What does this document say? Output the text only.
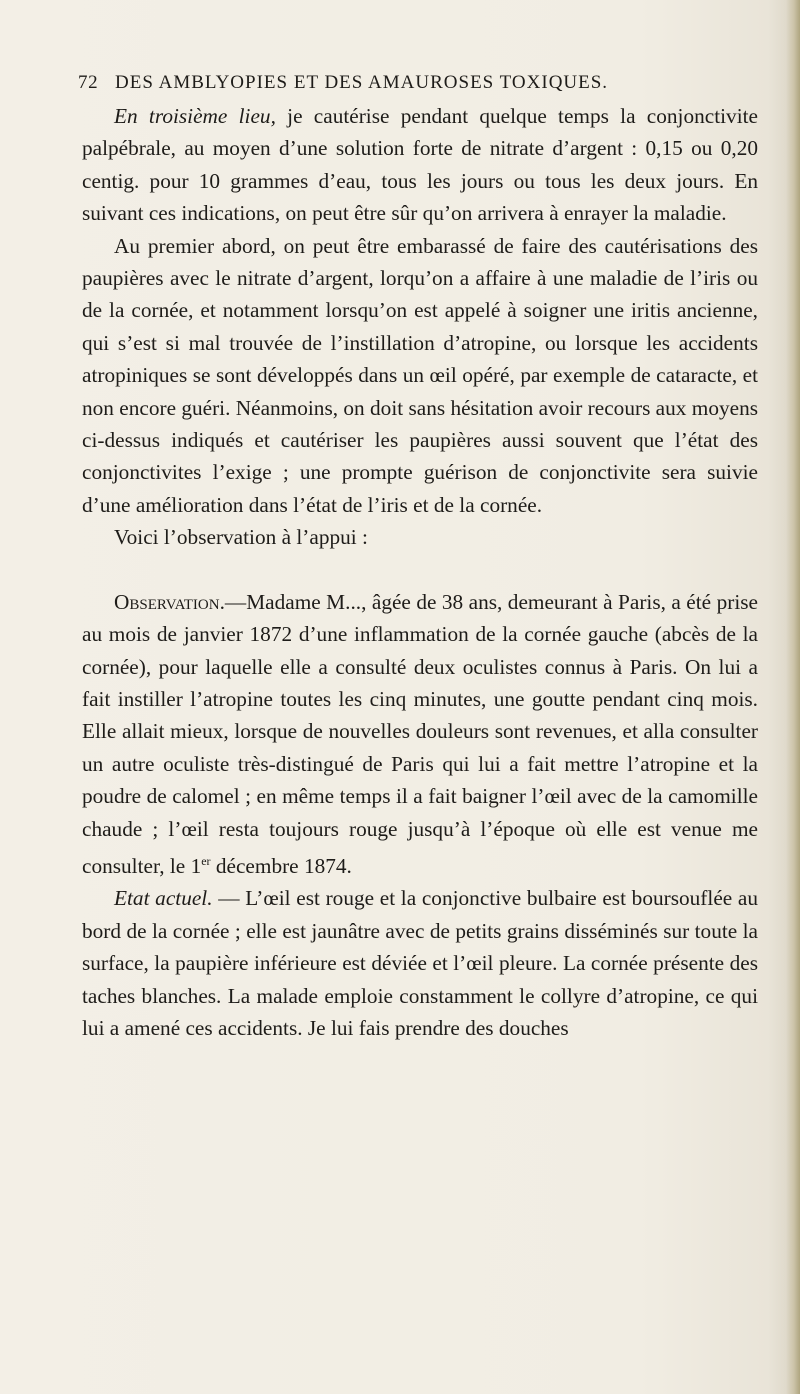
72 DES AMBLYOPIES ET DES AMAUROSES TOXIQUES.

En troisième lieu, je cautérise pendant quelque temps la conjonctivite palpébrale, au moyen d’une solution forte de nitrate d’argent : 0,15 ou 0,20 centig. pour 10 grammes d’eau, tous les jours ou tous les deux jours. En suivant ces indications, on peut être sûr qu’on arrivera à enrayer la maladie.

Au premier abord, on peut être embarassé de faire des cautérisations des paupières avec le nitrate d’argent, lorqu’on a affaire à une maladie de l’iris ou de la cornée, et notamment lorsqu’on est appelé à soigner une iritis ancienne, qui s’est si mal trouvée de l’instillation d’atropine, ou lorsque les accidents atropiniques se sont développés dans un œil opéré, par exemple de cataracte, et non encore guéri. Néanmoins, on doit sans hésitation avoir recours aux moyens ci-dessus indiqués et cautériser les paupières aussi souvent que l’état des conjonctivites l’exige ; une prompte guérison de conjonctivite sera suivie d’une amélioration dans l’état de l’iris et de la cornée.

Voici l’observation à l’appui :

Observation.—Madame M..., âgée de 38 ans, demeurant à Paris, a été prise au mois de janvier 1872 d’une inflammation de la cornée gauche (abcès de la cornée), pour laquelle elle a consulté deux oculistes connus à Paris. On lui a fait instiller l’atropine toutes les cinq minutes, une goutte pendant cinq mois. Elle allait mieux, lorsque de nouvelles douleurs sont revenues, et alla consulter un autre oculiste très-distingué de Paris qui lui a fait mettre l’atropine et la poudre de calomel ; en même temps il a fait baigner l’œil avec de la camomille chaude ; l’œil resta toujours rouge jusqu’à l’époque où elle est venue me consulter, le 1er décembre 1874.

Etat actuel. — L’œil est rouge et la conjonctive bulbaire est boursouflée au bord de la cornée ; elle est jaunâtre avec de petits grains disséminés sur toute la surface, la paupière inférieure est déviée et l’œil pleure. La cornée présente des taches blanches. La malade emploie constamment le collyre d’atropine, ce qui lui a amené ces accidents. Je lui fais prendre des douches
